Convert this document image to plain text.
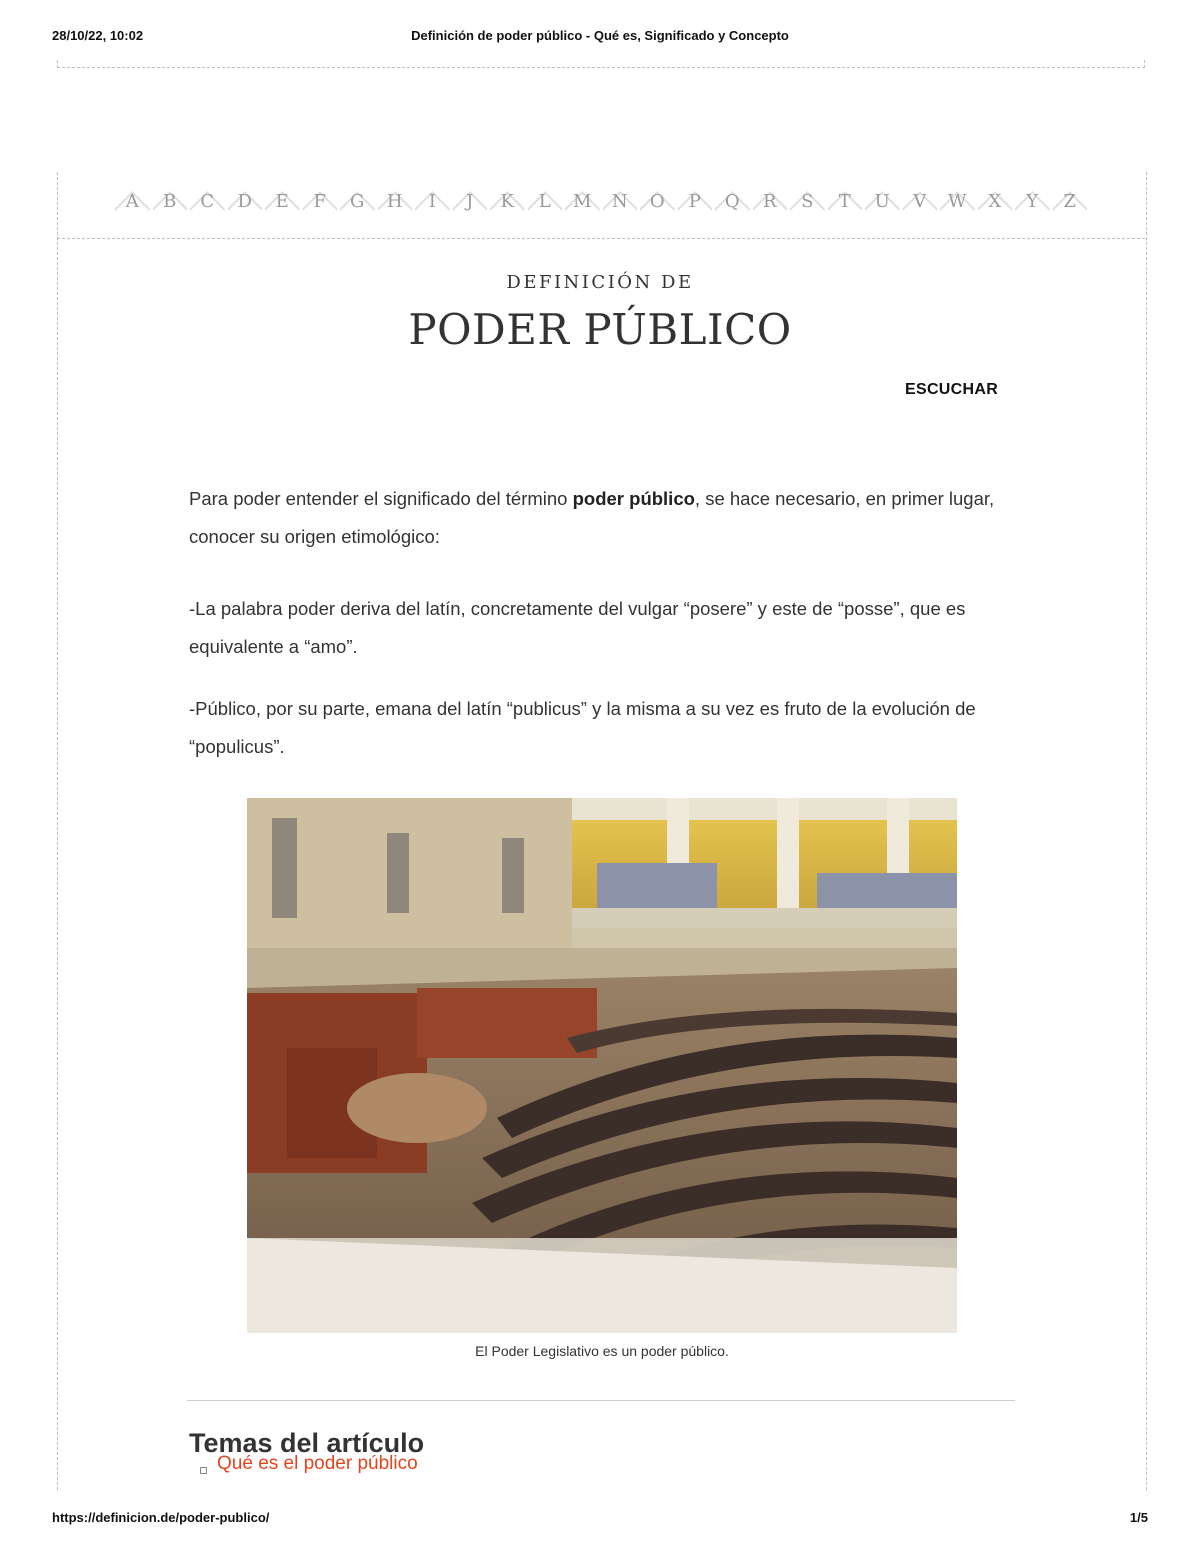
28/10/22, 10:02	Definición de poder público - Qué es, Significado y Concepto
A	B	C	D	E	F	G	H	I	J	K	L	M	N	O	P	Q	R	S	T	U	V	W	X	Y	Z
DEFINICIÓN DE
PODER PÚBLICO
ESCUCHAR

Para poder entender el significado del término poder público, se hace necesario, en primer lugar, conocer su origen etimológico:

-La palabra poder deriva del latín, concretamente del vulgar “posere” y este de “posse”, que es equivalente a “amo”.

-Público, por su parte, emana del latín “publicus” y la misma a su vez es fruto de la evolución de “populicus”.

El Poder Legislativo es un poder público.
Temas del artículo
Qué es el poder público
https://definicion.de/poder-publico/	1/5
